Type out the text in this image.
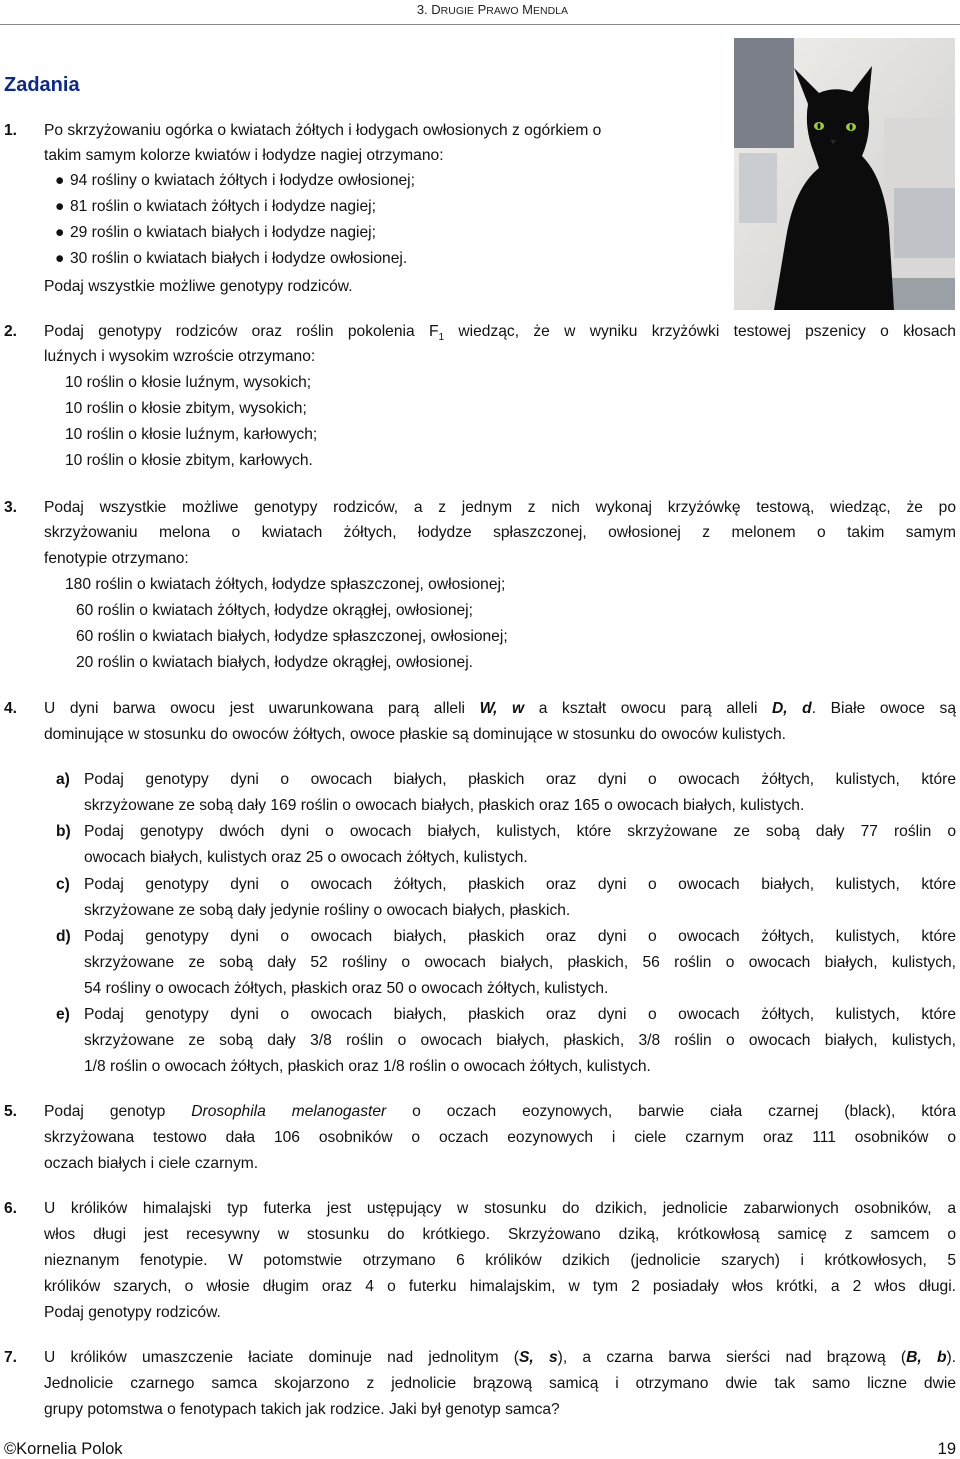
3. DRUGIE PRAWO MENDLA
Zadania
1. Po skrzyżowaniu ogórka o kwiatach żółtych i łodygach owłosionych z ogórkiem o
takim samym kolorze kwiatów i łodydze nagiej otrzymano:
● 94 rośliny o kwiatach żółtych i łodydze owłosionej;
● 81 roślin o kwiatach żółtych i łodydze nagiej;
● 29 roślin o kwiatach białych i łodydze nagiej;
● 30 roślin o kwiatach białych i łodydze owłosionej.
Podaj wszystkie możliwe genotypy rodziców.
2. Podaj genotypy rodziców oraz roślin pokolenia $F_1$ wiedząc, że w wyniku krzyżówki testowej pszenicy o kłosach
luźnych i wysokim wzroście otrzymano:
10 roślin o kłosie luźnym, wysokich;
10 roślin o kłosie zbitym, wysokich;
10 roślin o kłosie luźnym, karłowych;
10 roślin o kłosie zbitym, karłowych.
3. Podaj wszystkie możliwe genotypy rodziców, a z jednym z nich wykonaj krzyżówkę testową, wiedząc, że po
skrzyżowaniu melona o kwiatach żółtych, łodydze spłaszczonej, owłosionej z melonem o takim samym
fenotypie otrzymano:
180 roślin o kwiatach żółtych, łodydze spłaszczonej, owłosionej;
60 roślin o kwiatach żółtych, łodydze okrągłej, owłosionej;
60 roślin o kwiatach białych, łodydze spłaszczonej, owłosionej;
20 roślin o kwiatach białych, łodydze okrągłej, owłosionej.
4. U dyni barwa owocu jest uwarunkowana parą alleli W, w a kształt owocu parą alleli D, d. Białe owoce są
dominujące w stosunku do owoców żółtych, owoce płaskie są dominujące w stosunku do owoców kulistych.
a) Podaj genotypy dyni o owocach białych, płaskich oraz dyni o owocach żółtych, kulistych, które
skrzyżowane ze sobą dały 169 roślin o owocach białych, płaskich oraz 165 o owocach białych, kulistych.
b) Podaj genotypy dwóch dyni o owocach białych, kulistych, które skrzyżowane ze sobą dały 77 roślin o
owocach białych, kulistych oraz 25 o owocach żółtych, kulistych.
c) Podaj genotypy dyni o owocach żółtych, płaskich oraz dyni o owocach białych, kulistych, które
skrzyżowane ze sobą dały jedynie rośliny o owocach białych, płaskich.
d) Podaj genotypy dyni o owocach białych, płaskich oraz dyni o owocach żółtych, kulistych, które
skrzyżowane ze sobą dały 52 rośliny o owocach białych, płaskich, 56 roślin o owocach białych, kulistych,
54 rośliny o owocach żółtych, płaskich oraz 50 o owocach żółtych, kulistych.
e) Podaj genotypy dyni o owocach białych, płaskich oraz dyni o owocach żółtych, kulistych, które
skrzyżowane ze sobą dały 3/8 roślin o owocach białych, płaskich, 3/8 roślin o owocach białych, kulistych,
1/8 roślin o owocach żółtych, płaskich oraz 1/8 roślin o owocach żółtych, kulistych.
5. Podaj genotyp Drosophila melanogaster o oczach eozynowych, barwie ciała czarnej (black), która
skrzyżowana testowo dała 106 osobników o oczach eozynowych i ciele czarnym oraz 111 osobników o
oczach białych i ciele czarnym.
6. U królików himalajski typ futerka jest ustępujący w stosunku do dzikich, jednolicie zabarwionych osobników, a
włos długi jest recesywny w stosunku do krótkiego. Skrzyżowano dziką, krótkowłosą samicę z samcem o
nieznanym fenotypie. W potomstwie otrzymano 6 królików dzikich (jednolicie szarych) i krótkowłosych, 5
królików szarych, o włosie długim oraz 4 o futerku himalajskim, w tym 2 posiadały włos krótki, a 2 włos długi.
Podaj genotypy rodziców.
7. U królików umaszczenie łaciate dominuje nad jednolitym (S, s), a czarna barwa sierści nad brązową (B, b).
Jednolicie czarnego samca skojarzono z jednolicie brązową samicą i otrzymano dwie tak samo liczne dwie
grupy potomstwa o fenotypach takich jak rodzice. Jaki był genotyp samca?
©Kornelia Polok	19
